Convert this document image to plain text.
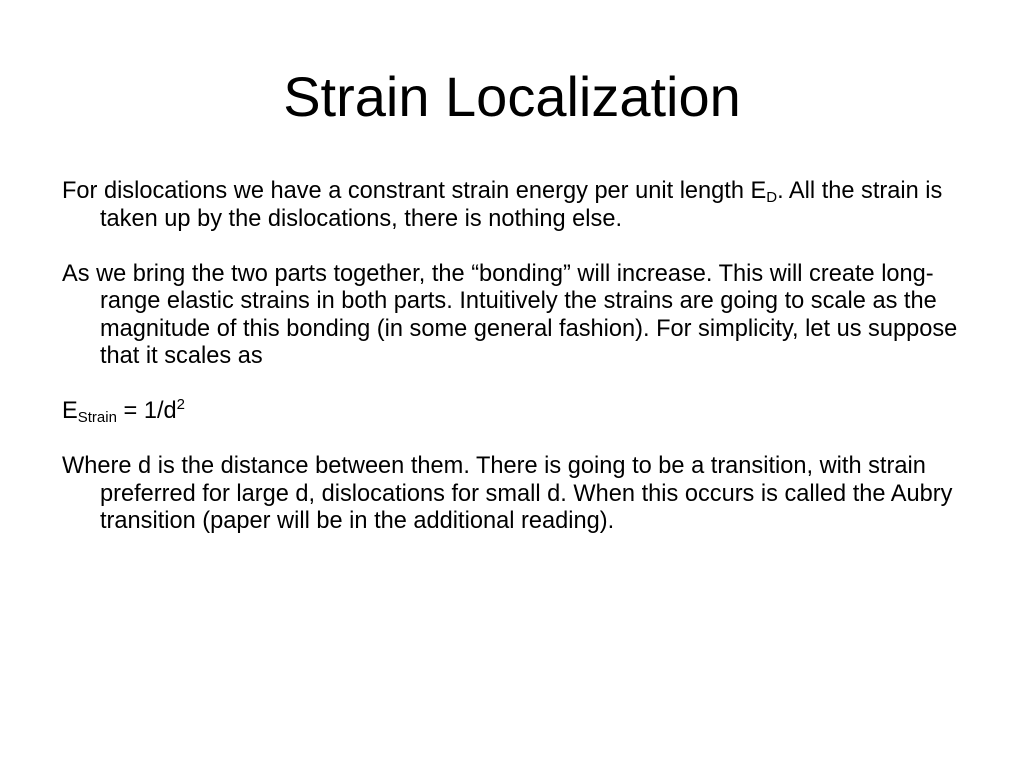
Strain Localization

For dislocations we have a constrant strain energy per unit length $E_D$. All the strain is taken up by the dislocations, there is nothing else.

As we bring the two parts together, the “bonding” will increase. This will create long-range elastic strains in both parts. Intuitively the strains are going to scale as the magnitude of this bonding (in some general fashion). For simplicity, let us suppose that it scales as

$E_{Strain} = 1/d^2$

Where d is the distance between them. There is going to be a transition, with strain preferred for large d, dislocations for small d. When this occurs is called the Aubry transition (paper will be in the additional reading).
